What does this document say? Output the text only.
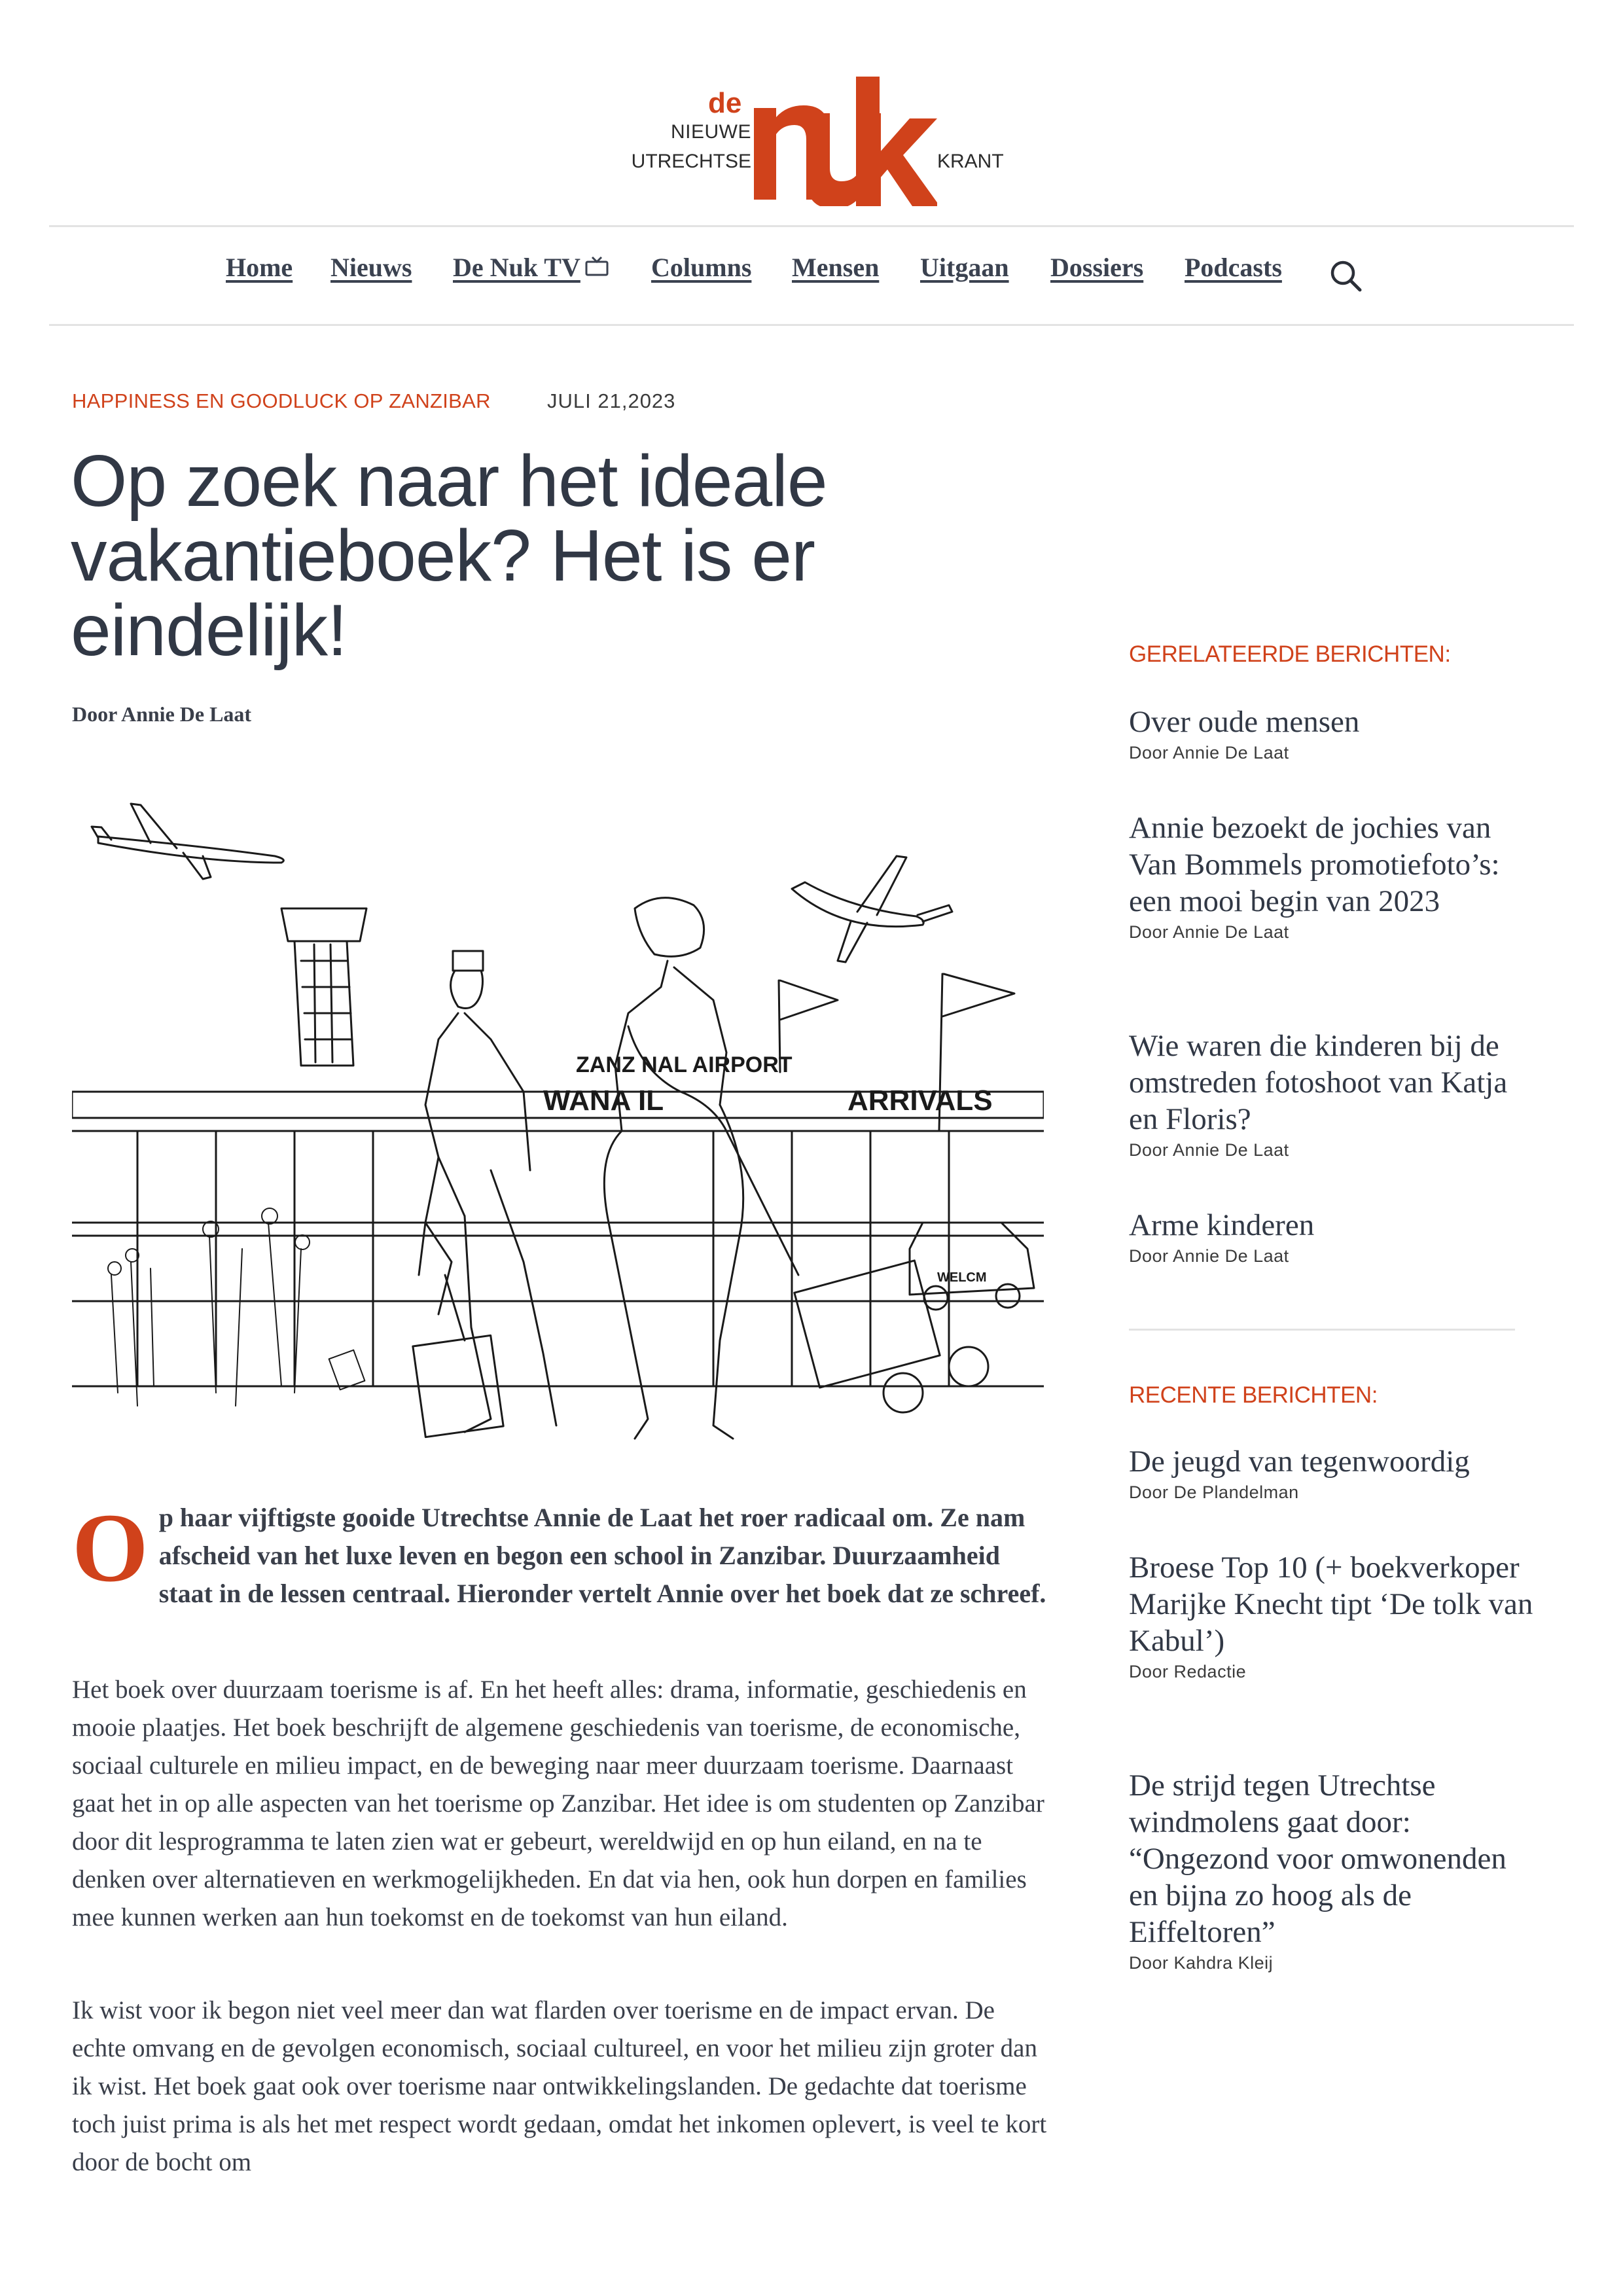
de
NIEUWE
UTRECHTSE	KRANT
Home Nieuws De Nuk TV	Columns Mensen Uitgaan Dossiers Podcasts
HAPPINESS EN GOODLUCK OP ZANZIBAR	JULI 21,2023
Op zoek naar het ideale vakantieboek? Het is er eindelijk!
Door Annie De Laat
ZANZ NAL AIRPORT
WANA IL	ARRIVALS
WELCM

Op haar vijftigste gooide Utrechtse Annie de Laat het roer radicaal om. Ze nam afscheid van het luxe leven en begon een school in Zanzibar. Duurzaamheid staat in de lessen centraal. Hieronder vertelt Annie over het boek dat ze schreef.

Het boek over duurzaam toerisme is af. En het heeft alles: drama, informatie, geschiedenis en mooie plaatjes. Het boek beschrijft de algemene geschiedenis van toerisme, de economische, sociaal culturele en milieu impact, en de beweging naar meer duurzaam toerisme. Daarnaast gaat het in op alle aspecten van het toerisme op Zanzibar. Het idee is om studenten op Zanzibar door dit lesprogramma te laten zien wat er gebeurt, wereldwijd en op hun eiland, en na te denken over alternatieven en werkmogelijkheden. En dat via hen, ook hun dorpen en families mee kunnen werken aan hun toekomst en de toekomst van hun eiland.

Ik wist voor ik begon niet veel meer dan wat flarden over toerisme en de impact ervan. De echte omvang en de gevolgen economisch, sociaal cultureel, en voor het milieu zijn groter dan ik wist. Het boek gaat ook over toerisme naar ontwikkelingslanden. De gedachte dat toerisme toch juist prima is als het met respect wordt gedaan, omdat het inkomen oplevert, is veel te kort door de bocht om

GERELATEERDE BERICHTEN:
Over oude mensen
Door Annie De Laat
Annie bezoekt de jochies van Van Bommels promotiefoto’s: een mooi begin van 2023
Door Annie De Laat
Wie waren die kinderen bij de omstreden fotoshoot van Katja en Floris?
Door Annie De Laat
Arme kinderen
Door Annie De Laat
RECENTE BERICHTEN:
De jeugd van tegenwoordig
Door De Plandelman
Broese Top 10 (+ boekverkoper Marijke Knecht tipt ‘De tolk van Kabul’)
Door Redactie
De strijd tegen Utrechtse windmolens gaat door: “Ongezond voor omwonenden en bijna zo hoog als de Eiffeltoren”
Door Kahdra Kleij
